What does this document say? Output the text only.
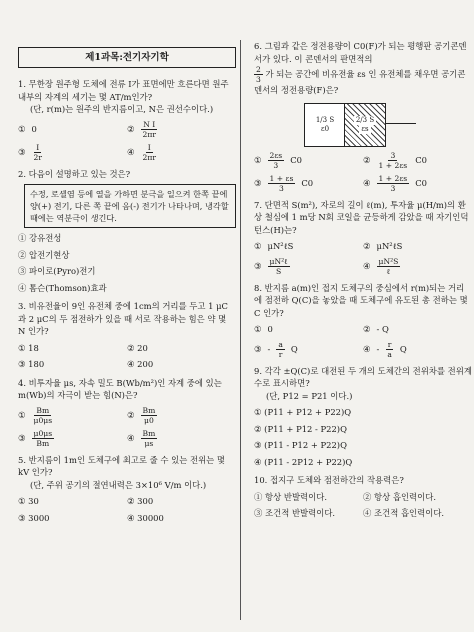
제1과목:전기자기학
1. 무한장 원주형 도체에 전류 I가 표면에만 흐른다면 원주 내부의 자계의 세기는 몇 AT/m인가?
(단, r(m)는 원주의 반지름이고, N은 권선수이다.)
① 0	② $\frac{\text{N I}}{2\pi r}$
③ $\frac{I}{2r}$	④ $\frac{I}{2\pi r}$
2. 다음이 설명하고 있는 것은?
수정, 로셸염 등에 열을 가하면 분극을 일으켜 한쪽 끝에 양(+) 전기, 다른 쪽 끝에 음(-) 전기가 나타나며, 냉각할 때에는 역분극이 생긴다.
① 강유전성
② 압전기현상
③ 파이로(Pyro)전기
④ 톰슨(Thomson)효과
3. 비유전율이 9인 유전체 중에 1cm의 거리를 두고 1 μC과 2 μC의 두 점전하가 있을 때 서로 작용하는 힘은 약 몇 N 인가?
① 18	② 20
③ 180	④ 200
4. 비투자율 μs, 자속 밀도 B(Wb/m²)인 자계 중에 있는 m(Wb)의 자극이 받는 힘(N)은?
① $\frac{Bm}{\mu 0\mu s}$	② $\frac{Bm}{\mu 0}$
③ $\frac{\mu 0\mu s}{Bm}$	④ $\frac{Bm}{\mu s}$
5. 반지름이 1m인 도체구에 최고로 줄 수 있는 전위는 몇 kV 인가?
(단, 주위 공기의 절연내력은 3×10⁶ V/m 이다.)
① 30	② 300
③ 3000	④ 30000
6. 그림과 같은 정전용량이 C0(F)가 되는 평행판 공기콘덴서가 있다. 이 콘덴서의 판면적의
$\frac{2}{3}$ 가 되는 공간에 비유전율 εs 인 유전체를 채우면 공기콘덴서의 정전용량(F)은?
1/3 S
ε0
2/3 S
εs
① $\frac{2\varepsilon s}{3} C0$	② $\frac{3}{1 + 2\varepsilon s} C0$
③ $\frac{1 + \varepsilon s}{3} C0$	④ $\frac{1 + 2\varepsilon s}{3} C0$
7. 단면적 S(m²), 자로의 길이 ℓ(m), 투자율 μ(H/m)의 환상 철심에 1 m당 N회 코일을 균등하게 감았을 때 자기인덕턴스(H)는?
① μN²ℓS	② μN²ℓS
③ $\frac{\text{μN²ℓ}}{S}$	④ $\frac{\text{μN²S}}{\text{ℓ}}$
8. 반지름 a(m)인 접지 도체구의 중심에서 r(m)되는 거리에 점전하 Q(C)을 놓았을 때 도체구에 유도된 총 전하는 몇 C 인가?
① 0	② - Q
③ - $\frac{a}{r}$ Q	④ - $\frac{r}{a}$ Q
9. 각각 ±Q(C)로 대전된 두 개의 도체간의 전위차를 전위계수로 표시하면?
(단, P12 = P21 이다.)
① (P11 + P12 + P22)Q
② (P11 + P12 - P22)Q
③ (P11 - P12 + P22)Q
④ (P11 - 2P12 + P22)Q
10. 접지구 도체와 점전하간의 작용력은?
① 항상 반발력이다.	② 항상 흡인력이다.
③ 조건적 반발력이다.	④ 조건적 흡인력이다.
